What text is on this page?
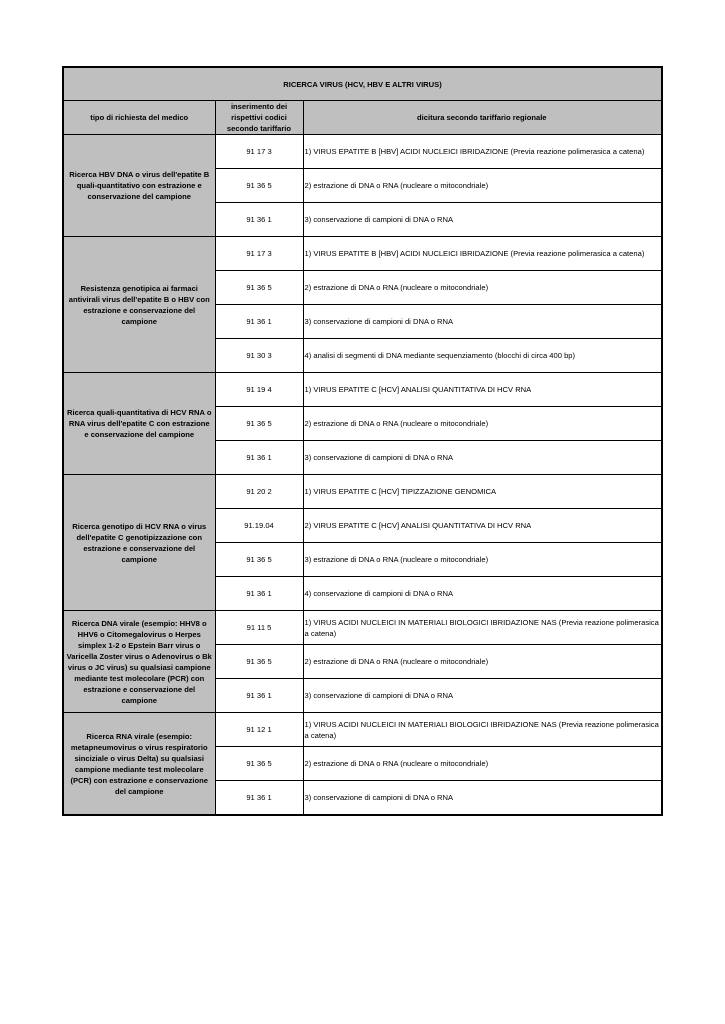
RICERCA VIRUS (HCV, HBV E ALTRI VIRUS)		
tipo di richiesta del medico	inserimento dei rispettivi codici secondo tariffario	dicitura secondo tariffario regionale
Ricerca HBV DNA o virus dell'epatite B quali-quantitativo con estrazione e conservazione del campione	91 17 3	1) VIRUS EPATITE B [HBV] ACIDI NUCLEICI IBRIDAZIONE (Previa reazione polimerasica a catena)
	91 36 5	2) estrazione di DNA o RNA (nucleare o mitocondriale)
	91 36 1	3) conservazione di campioni di DNA o RNA
Resistenza genotipica ai farmaci antivirali virus dell'epatite B o HBV con estrazione e conservazione del campione	91 17 3	1) VIRUS EPATITE B [HBV] ACIDI NUCLEICI IBRIDAZIONE (Previa reazione polimerasica a catena)
	91 36 5	2) estrazione di DNA o RNA (nucleare o mitocondriale)
	91 36 1	3) conservazione di campioni di DNA o RNA
	91 30 3	4) analisi di segmenti di DNA mediante sequenziamento (blocchi di circa 400 bp)
Ricerca quali-quantitativa di HCV RNA o RNA virus dell'epatite C con estrazione e conservazione del campione	91 19 4	1) VIRUS EPATITE C [HCV] ANALISI QUANTITATIVA DI HCV RNA
	91 36 5	2) estrazione di DNA o RNA (nucleare o mitocondriale)
	91 36 1	3) conservazione di campioni di DNA o RNA
Ricerca genotipo di HCV RNA o virus dell'epatite C genotipizzazione con estrazione e conservazione del campione	91 20 2	1) VIRUS EPATITE C [HCV] TIPIZZAZIONE GENOMICA
	91.19.04	2) VIRUS EPATITE C [HCV] ANALISI QUANTITATIVA DI HCV RNA
	91 36 5	3) estrazione di DNA o RNA (nucleare o mitocondriale)
	91 36 1	4) conservazione di campioni di DNA o RNA
Ricerca DNA virale (esempio: HHV8 o HHV6 o Citomegalovirus o Herpes simplex 1-2 o Epstein Barr virus o Varicella Zoster virus o Adenovirus o Bk virus o JC virus) su qualsiasi campione mediante test molecolare (PCR) con estrazione e conservazione del campione	91 11 5	1) VIRUS ACIDI NUCLEICI IN MATERIALI BIOLOGICI IBRIDAZIONE NAS (Previa reazione polimerasica a catena)
	91 36 5	2) estrazione di DNA o RNA (nucleare o mitocondriale)
	91 36 1	3) conservazione di campioni di DNA o RNA
Ricerca RNA virale (esempio: metapneumovirus o virus respiratorio sinciziale o virus Delta) su qualsiasi campione mediante test molecolare (PCR) con estrazione e conservazione del campione	91 12 1	1) VIRUS ACIDI NUCLEICI IN MATERIALI BIOLOGICI IBRIDAZIONE NAS (Previa reazione polimerasica a catena)
	91 36 5	2) estrazione di DNA o RNA (nucleare o mitocondriale)
	91 36 1	3) conservazione di campioni di DNA o RNA
